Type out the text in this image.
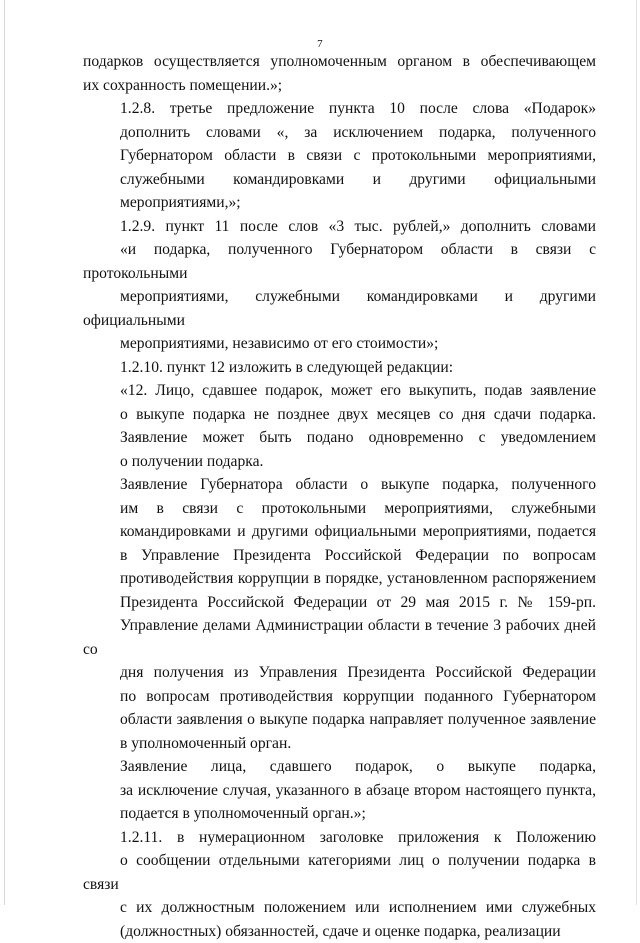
7

подарков осуществляется уполномоченным органом в обеспечивающем
их сохранность помещении.»;

1.2.8. третье предложение пункта 10 после слова «Подарок»
дополнить словами «, за исключением подарка, полученного
Губернатором области в связи с протокольными мероприятиями,
служебными командировками и другими официальными
мероприятиями,»;

1.2.9. пункт 11 после слов «3 тыс. рублей,» дополнить словами
«и подарка, полученного Губернатором области в связи с протокольными
мероприятиями, служебными командировками и другими официальными
мероприятиями, независимо от его стоимости»;

1.2.10. пункт 12 изложить в следующей редакции:

«12. Лицо, сдавшее подарок, может его выкупить, подав заявление
о выкупе подарка не позднее двух месяцев со дня сдачи подарка.
Заявление может быть подано одновременно с уведомлением
о получении подарка.

Заявление Губернатора области о выкупе подарка, полученного
им в связи с протокольными мероприятиями, служебными
командировками и другими официальными мероприятиями, подается
в Управление Президента Российской Федерации по вопросам
противодействия коррупции в порядке, установленном распоряжением
Президента Российской Федерации от 29 мая 2015 г. № 159-рп.
Управление делами Администрации области в течение 3 рабочих дней со
дня получения из Управления Президента Российской Федерации
по вопросам противодействия коррупции поданного Губернатором
области заявления о выкупе подарка направляет полученное заявление
в уполномоченный орган.

Заявление лица, сдавшего подарок, о выкупе подарка,
за исключение случая, указанного в абзаце втором настоящего пункта,
подается в уполномоченный орган.»;

1.2.11. в нумерационном заголовке приложения к Положению
о сообщении отдельными категориями лиц о получении подарка в связи
с их должностным положением или исполнением ими служебных
(должностных) обязанностей, сдаче и оценке подарка, реализации
